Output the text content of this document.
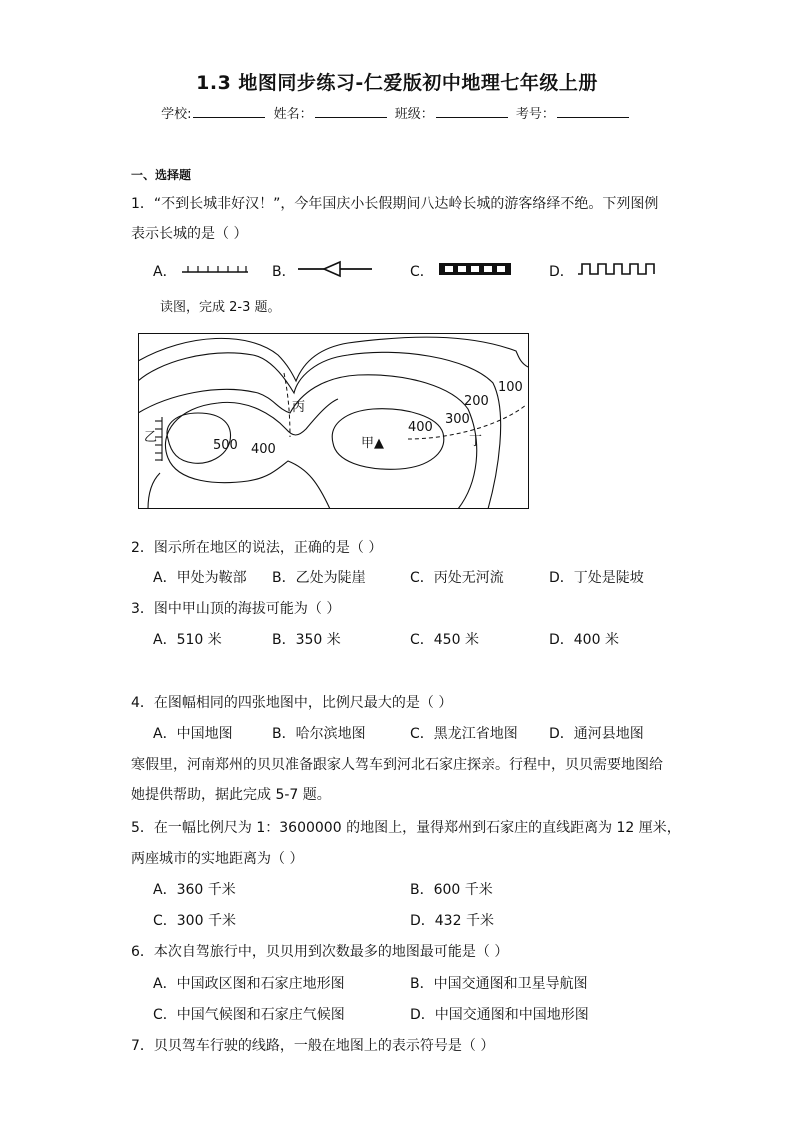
1.3 地图同步练习-仁爱版初中地理七年级上册
学校:	姓名：	班级：	考号：
一、选择题
1．“不到长城非好汉！”，今年国庆小长假期间八达岭长城的游客络绎不绝。下列图例
表示长城的是（ ）
A．	B．	C．	D．
读图，完成 2-3 题。
丙
乙	甲▲	丁
500 400
400
300
200
100
2．图示所在地区的说法，正确的是（ ）
A．甲处为鞍部 B．乙处为陡崖	C．丙处无河流	D．丁处是陡坡
3．图中甲山顶的海拔可能为（ ）
A．510 米	B．350 米	C．450 米	D．400 米
4．在图幅相同的四张地图中，比例尺最大的是（ ）
A．中国地图	B．哈尔滨地图	C．黑龙江省地图 D．通河县地图
寒假里，河南郑州的贝贝准备跟家人驾车到河北石家庄探亲。行程中，贝贝需要地图给
她提供帮助，据此完成 5-7 题。
5．在一幅比例尺为 1：3600000 的地图上，量得郑州到石家庄的直线距离为 12 厘米，
两座城市的实地距离为（ ）
A．360 千米	B．600 千米
C．300 千米	D．432 千米
6．本次自驾旅行中，贝贝用到次数最多的地图最可能是（ ）
A．中国政区图和石家庄地形图	B．中国交通图和卫星导航图
C．中国气候图和石家庄气候图	D．中国交通图和中国地形图
7．贝贝驾车行驶的线路，一般在地图上的表示符号是（ ）
